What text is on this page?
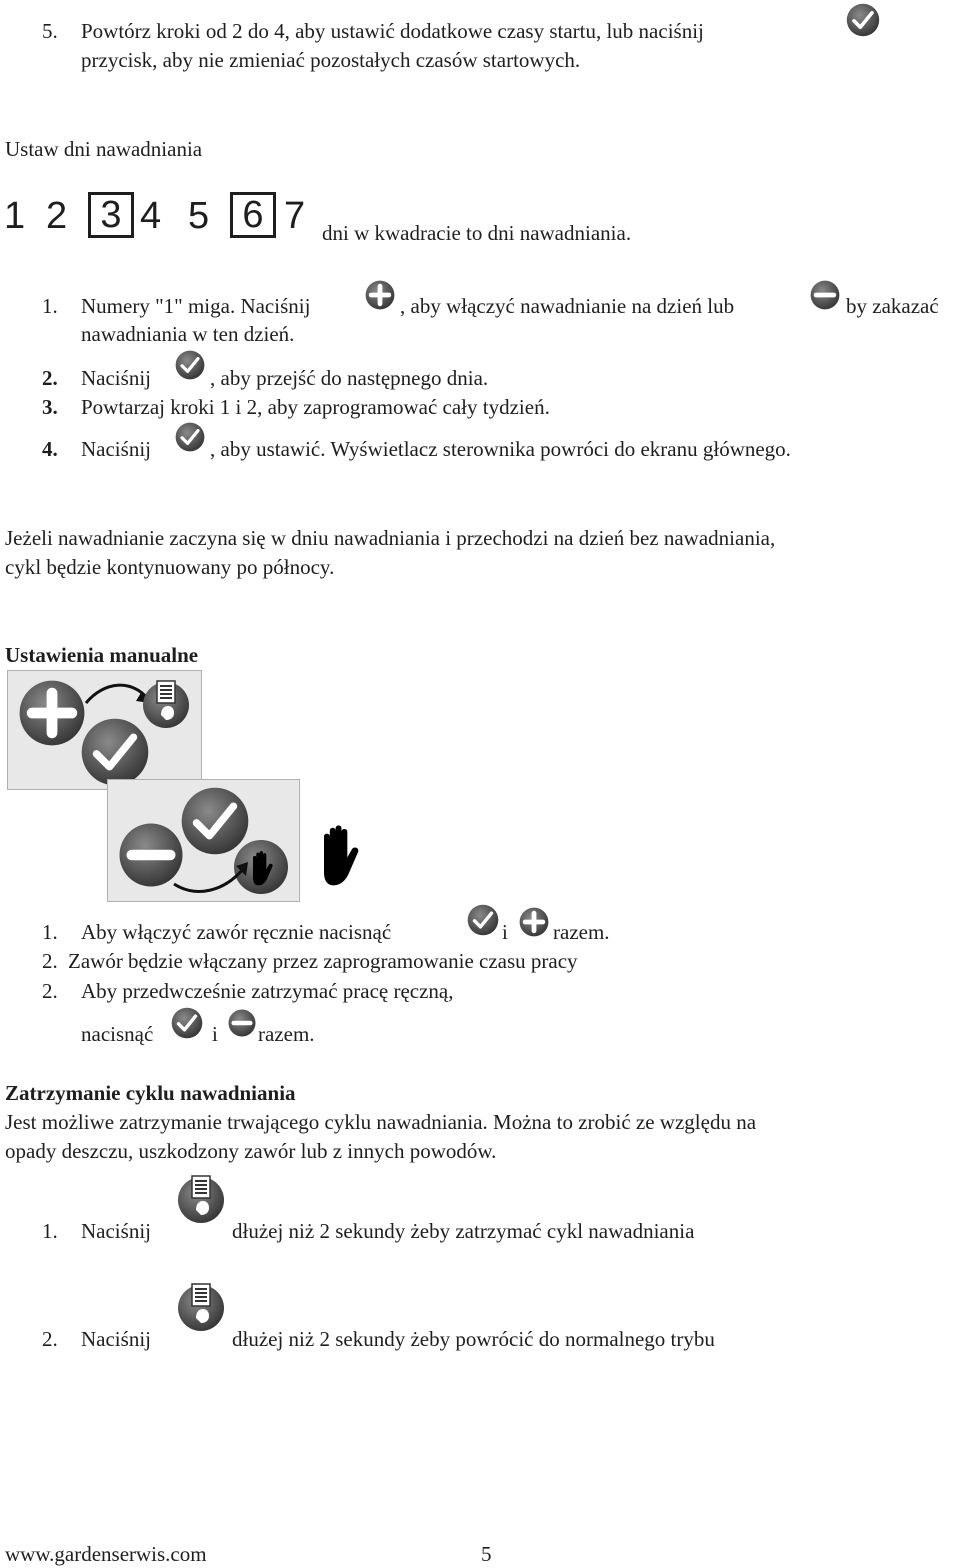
5. Powtórz kroki od 2 do 4, aby ustawić dodatkowe czasy startu, lub naciśnij
przycisk, aby nie zmieniać pozostałych czasów startowych.
Ustaw dni nawadniania
1 2 3 4 5 6 7 dni w kwadracie to dni nawadniania.
1. Numery "1" miga. Naciśnij	, aby włączyć nawadnianie na dzień lub	by zakazać
nawadniania w ten dzień.
2. Naciśnij	, aby przejść do następnego dnia.
3. Powtarzaj kroki 1 i 2, aby zaprogramować cały tydzień.
4. Naciśnij	, aby ustawić. Wyświetlacz sterownika powróci do ekranu głównego.
Jeżeli nawadnianie zaczyna się w dniu nawadniania i przechodzi na dzień bez nawadniania,
cykl będzie kontynuowany po północy.
Ustawienia manualne
1. Aby włączyć zawór ręcznie nacisnąć	i razem.
2. Zawór będzie włączany przez zaprogramowanie czasu pracy
2. Aby przedwcześnie zatrzymać pracę ręczną,
nacisnąć	i razem.
Zatrzymanie cyklu nawadniania
Jest możliwe zatrzymanie trwającego cyklu nawadniania. Można to zrobić ze względu na
opady deszczu, uszkodzony zawór lub z innych powodów.
1. Naciśnij	dłużej niż 2 sekundy żeby zatrzymać cykl nawadniania
2. Naciśnij	dłużej niż 2 sekundy żeby powrócić do normalnego trybu
www.gardenserwis.com	5
